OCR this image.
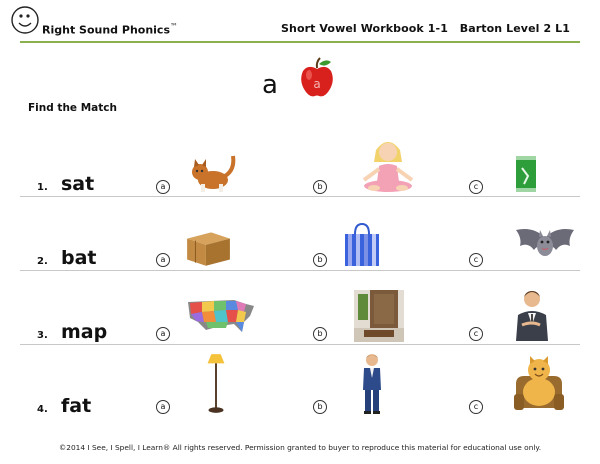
Right Sound Phonics™	Short Vowel Workbook 1-1   Barton Level 2 L1
a	a
Find the Match
1. sat	a	b	c
2. bat	a	b	c
3. map	a	b	c
4. fat	a	b	c
©2014 I See, I Spell, I Learn® All rights reserved. Permission granted to buyer to reproduce this material for educational use only.
